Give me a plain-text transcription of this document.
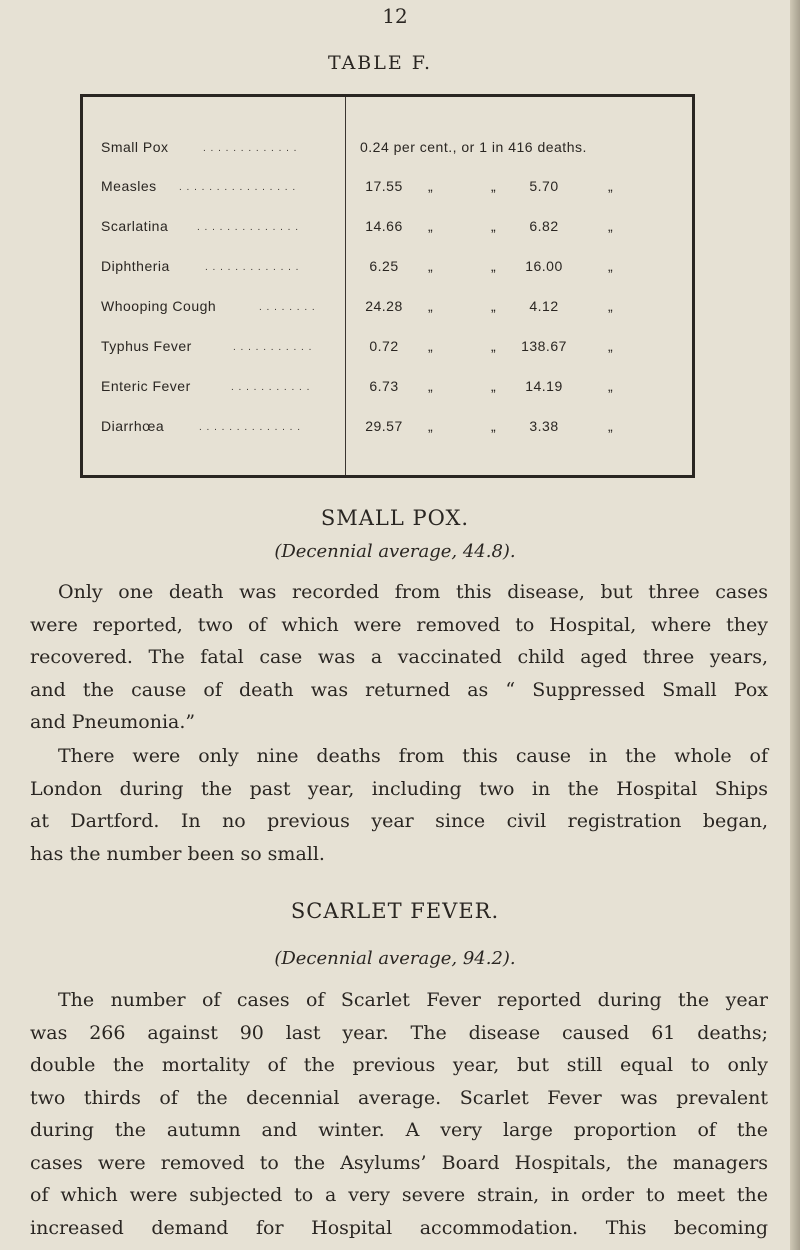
12
TABLE F.
Small Pox	. . . . . . . . . . . . .	0.24 per cent., or 1 in 416 deaths.
Measles . . . . . . . . . . . . . . . .	17.55	„	„	5.70	„
Scarlatina	. . . . . . . . . . . . . .	14.66	„	„	6.82	„
Diphtheria	. . . . . . . . . . . . .	6.25	„	„	16.00	„
Whooping Cough	. . . . . . . .	24.28	„	„	4.12	„
Typhus Fever	. . . . . . . . . . .	0.72	„	„	138.67	„
Enteric Fever	. . . . . . . . . . .	6.73	„	„	14.19	„
Diarrhœa	. . . . . . . . . . . . . .	29.57	„	„	3.38	„
SMALL POX.

(Decennial average, 44.8).

Only one death was recorded from this disease, but three cases
were reported, two of which were removed to Hospital, where they
recovered. The fatal case was a vaccinated child aged three years,
and the cause of death was returned as “ Suppressed Small Pox
and Pneumonia.”

There were only nine deaths from this cause in the whole of
London during the past year, including two in the Hospital Ships
at Dartford. In no previous year since civil registration began,
has the number been so small.

SCARLET FEVER.

(Decennial average, 94.2).

The number of cases of Scarlet Fever reported during the year
was 266 against 90 last year. The disease caused 61 deaths;
double the mortality of the previous year, but still equal to only
two thirds of the decennial average. Scarlet Fever was prevalent
during the autumn and winter. A very large proportion of the
cases were removed to the Asylums’ Board Hospitals, the managers
of which were subjected to a very severe strain, in order to meet the
increased demand for Hospital accommodation. This becoming
